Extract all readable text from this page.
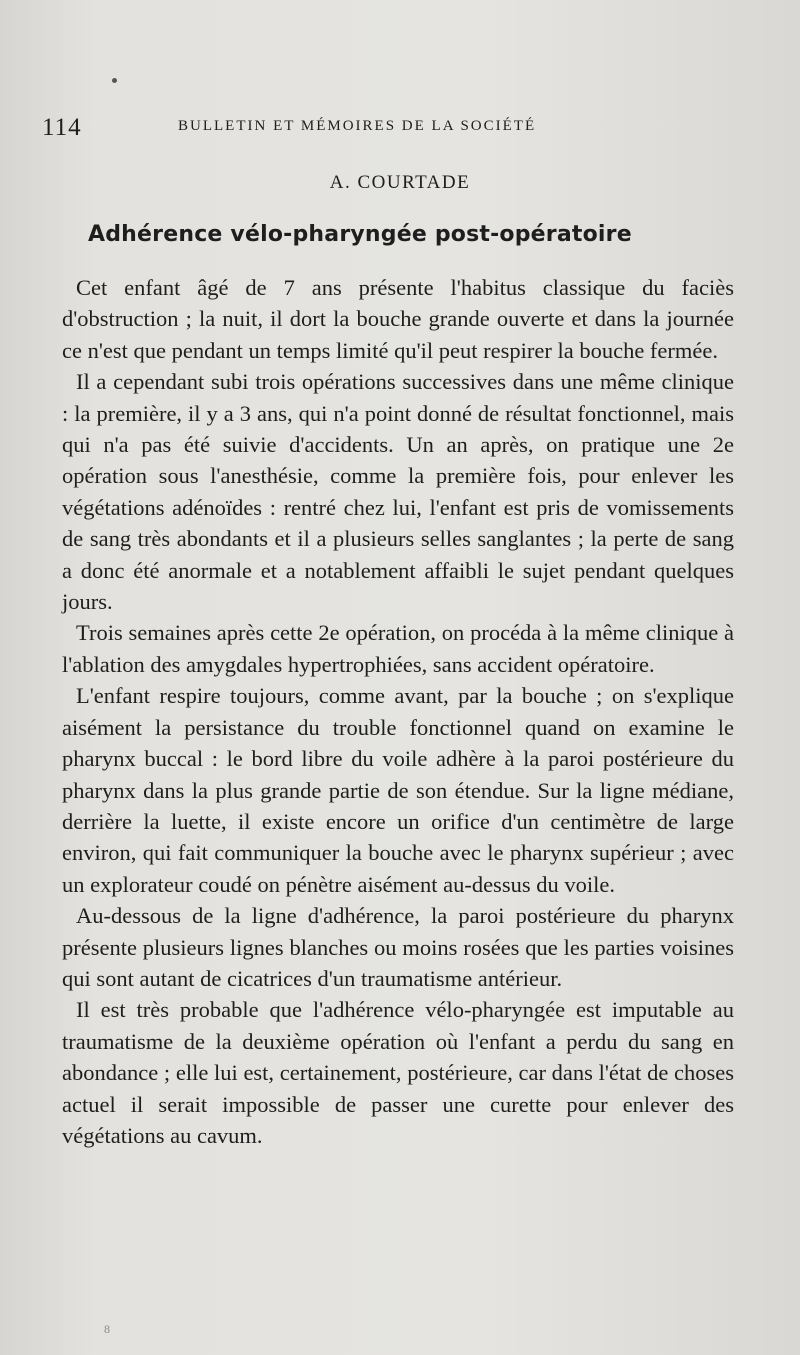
114	BULLETIN ET MÉMOIRES DE LA SOCIÉTÉ
A. COURTADE
Adhérence vélo-pharyngée post-opératoire

Cet enfant âgé de 7 ans présente l'habitus classique du faciès d'obstruction ; la nuit, il dort la bouche grande ouverte et dans la journée ce n'est que pendant un temps limité qu'il peut respirer la bouche fermée.

Il a cependant subi trois opérations successives dans une même clinique : la première, il y a 3 ans, qui n'a point donné de résultat fonctionnel, mais qui n'a pas été suivie d'accidents. Un an après, on pratique une 2e opération sous l'anesthésie, comme la première fois, pour enlever les végétations adénoïdes : rentré chez lui, l'enfant est pris de vomissements de sang très abondants et il a plusieurs selles sanglantes ; la perte de sang a donc été anormale et a notablement affaibli le sujet pendant quelques jours.

Trois semaines après cette 2e opération, on procéda à la même clinique à l'ablation des amygdales hypertrophiées, sans accident opératoire.

L'enfant respire toujours, comme avant, par la bouche ; on s'explique aisément la persistance du trouble fonctionnel quand on examine le pharynx buccal : le bord libre du voile adhère à la paroi postérieure du pharynx dans la plus grande partie de son étendue. Sur la ligne médiane, derrière la luette, il existe encore un orifice d'un centimètre de large environ, qui fait communiquer la bouche avec le pharynx supérieur ; avec un explorateur coudé on pénètre aisément au-dessus du voile.

Au-dessous de la ligne d'adhérence, la paroi postérieure du pharynx présente plusieurs lignes blanches ou moins rosées que les parties voisines qui sont autant de cicatrices d'un traumatisme antérieur.

Il est très probable que l'adhérence vélo-pharyngée est imputable au traumatisme de la deuxième opération où l'enfant a perdu du sang en abondance ; elle lui est, certainement, postérieure, car dans l'état de choses actuel il serait impossible de passer une curette pour enlever des végétations au cavum.

8
